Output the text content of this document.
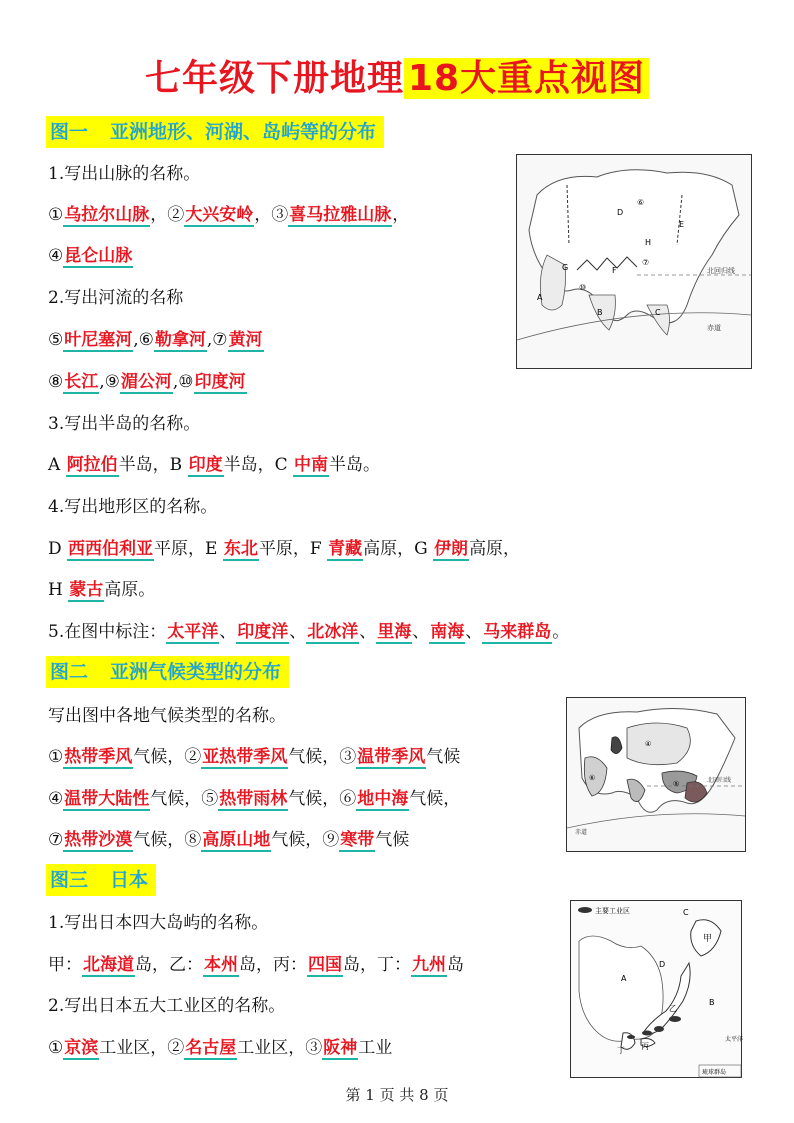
七年级下册地理 18大重点视图
图一 亚洲地形、河湖、岛屿等的分布
1.写出山脉的名称。
①乌拉尔山脉，②大兴安岭，③喜马拉雅山脉，
④昆仑山脉
2.写出河流的名称
⑤叶尼塞河,⑥勒拿河,⑦黄河
⑧长江,⑨湄公河,⑩印度河
3.写出半岛的名称。
A 阿拉伯半岛，B 印度半岛，C 中南半岛。
4.写出地形区的名称。
D 西西伯利亚平原，E 东北平原，F 青藏高原，G 伊朗高原，
H 蒙古高原。
5.在图中标注：太平洋、印度洋、北冰洋、里海、南海、马来群岛。
A
B	C
D
E
F
G
H
⑥
⑦
⑩
北回归线
赤道
图二 亚洲气候类型的分布
写出图中各地气候类型的名称。
①热带季风气候，②亚热带季风气候，③温带季风气候
④温带大陆性气候，⑤热带雨林气候，⑥地中海气候，
⑦热带沙漠气候，⑧高原山地气候，⑨寒带气候
④
⑤
⑥	北回归线
赤道
图三 日本
1.写出日本四大岛屿的名称。
甲：北海道岛，乙：本州岛，丙：四国岛，丁：九州岛
2.写出日本五大工业区的名称。
①京滨工业区，②名古屋工业区，③阪神工业
主要工业区
甲
乙
丙
丁
A
B
C
D
太平洋
琉球群岛
第 1 页 共 8 页
